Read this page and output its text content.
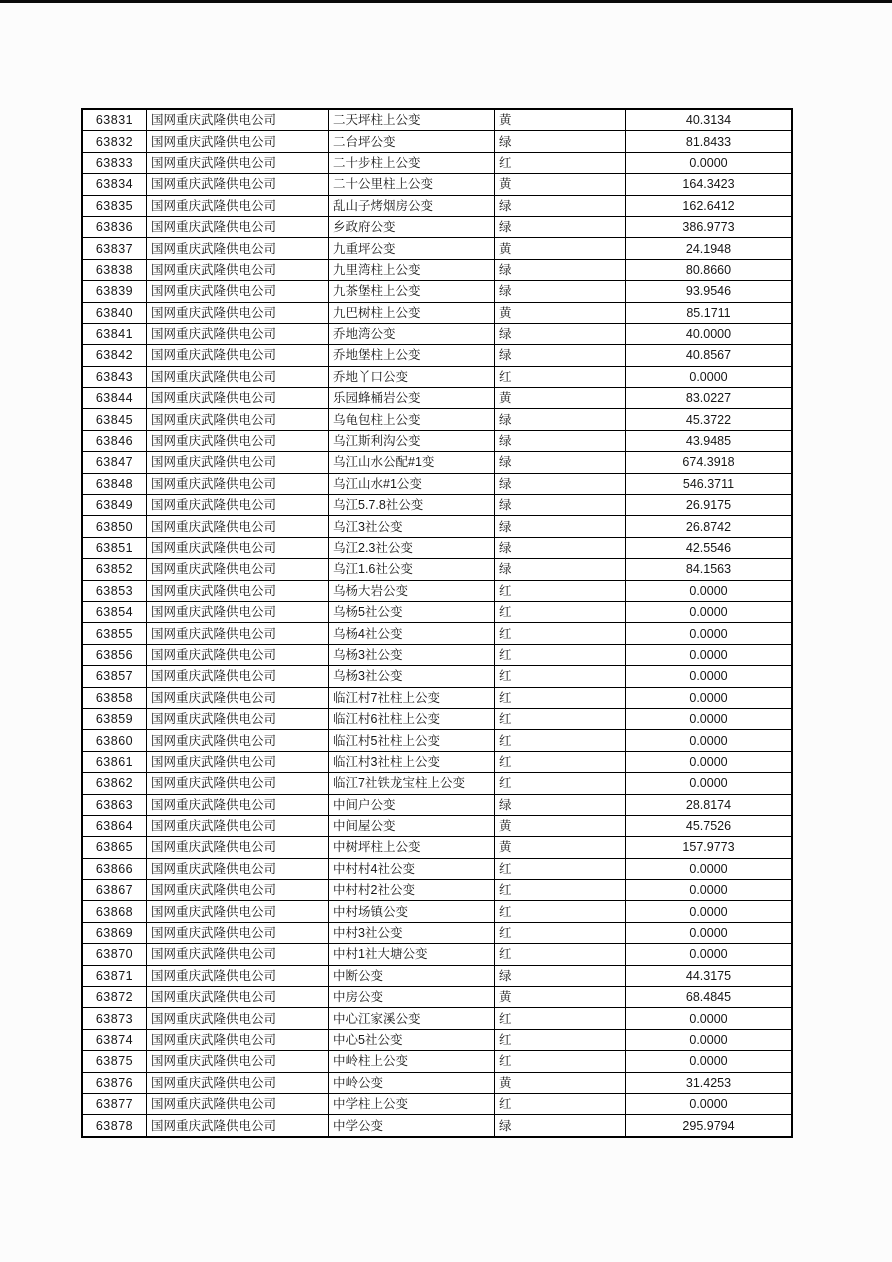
63831	国网重庆武隆供电公司	二天坪柱上公变	黄	40.3134
63832	国网重庆武隆供电公司	二台坪公变	绿	81.8433
63833	国网重庆武隆供电公司	二十步柱上公变	红	0.0000
63834	国网重庆武隆供电公司	二十公里柱上公变	黄	164.3423
63835	国网重庆武隆供电公司	乱山子烤烟房公变	绿	162.6412
63836	国网重庆武隆供电公司	乡政府公变	绿	386.9773
63837	国网重庆武隆供电公司	九重坪公变	黄	24.1948
63838	国网重庆武隆供电公司	九里湾柱上公变	绿	80.8660
63839	国网重庆武隆供电公司	九茶堡柱上公变	绿	93.9546
63840	国网重庆武隆供电公司	九巴树柱上公变	黄	85.1711
63841	国网重庆武隆供电公司	乔地湾公变	绿	40.0000
63842	国网重庆武隆供电公司	乔地堡柱上公变	绿	40.8567
63843	国网重庆武隆供电公司	乔地丫口公变	红	0.0000
63844	国网重庆武隆供电公司	乐园蜂桶岩公变	黄	83.0227
63845	国网重庆武隆供电公司	乌龟包柱上公变	绿	45.3722
63846	国网重庆武隆供电公司	乌江斯利沟公变	绿	43.9485
63847	国网重庆武隆供电公司	乌江山水公配#1变	绿	674.3918
63848	国网重庆武隆供电公司	乌江山水#1公变	绿	546.3711
63849	国网重庆武隆供电公司	乌江5.7.8社公变	绿	26.9175
63850	国网重庆武隆供电公司	乌江3社公变	绿	26.8742
63851	国网重庆武隆供电公司	乌江2.3社公变	绿	42.5546
63852	国网重庆武隆供电公司	乌江1.6社公变	绿	84.1563
63853	国网重庆武隆供电公司	乌杨大岩公变	红	0.0000
63854	国网重庆武隆供电公司	乌杨5社公变	红	0.0000
63855	国网重庆武隆供电公司	乌杨4社公变	红	0.0000
63856	国网重庆武隆供电公司	乌杨3社公变	红	0.0000
63857	国网重庆武隆供电公司	乌杨3社公变	红	0.0000
63858	国网重庆武隆供电公司	临江村7社柱上公变	红	0.0000
63859	国网重庆武隆供电公司	临江村6社柱上公变	红	0.0000
63860	国网重庆武隆供电公司	临江村5社柱上公变	红	0.0000
63861	国网重庆武隆供电公司	临江村3社柱上公变	红	0.0000
63862	国网重庆武隆供电公司	临江7社铁龙宝柱上公变	红	0.0000
63863	国网重庆武隆供电公司	中间户公变	绿	28.8174
63864	国网重庆武隆供电公司	中间屋公变	黄	45.7526
63865	国网重庆武隆供电公司	中树坪柱上公变	黄	157.9773
63866	国网重庆武隆供电公司	中村村4社公变	红	0.0000
63867	国网重庆武隆供电公司	中村村2社公变	红	0.0000
63868	国网重庆武隆供电公司	中村场镇公变	红	0.0000
63869	国网重庆武隆供电公司	中村3社公变	红	0.0000
63870	国网重庆武隆供电公司	中村1社大塘公变	红	0.0000
63871	国网重庆武隆供电公司	中断公变	绿	44.3175
63872	国网重庆武隆供电公司	中房公变	黄	68.4845
63873	国网重庆武隆供电公司	中心江家溪公变	红	0.0000
63874	国网重庆武隆供电公司	中心5社公变	红	0.0000
63875	国网重庆武隆供电公司	中岭柱上公变	红	0.0000
63876	国网重庆武隆供电公司	中岭公变	黄	31.4253
63877	国网重庆武隆供电公司	中学柱上公变	红	0.0000
63878	国网重庆武隆供电公司	中学公变	绿	295.9794
